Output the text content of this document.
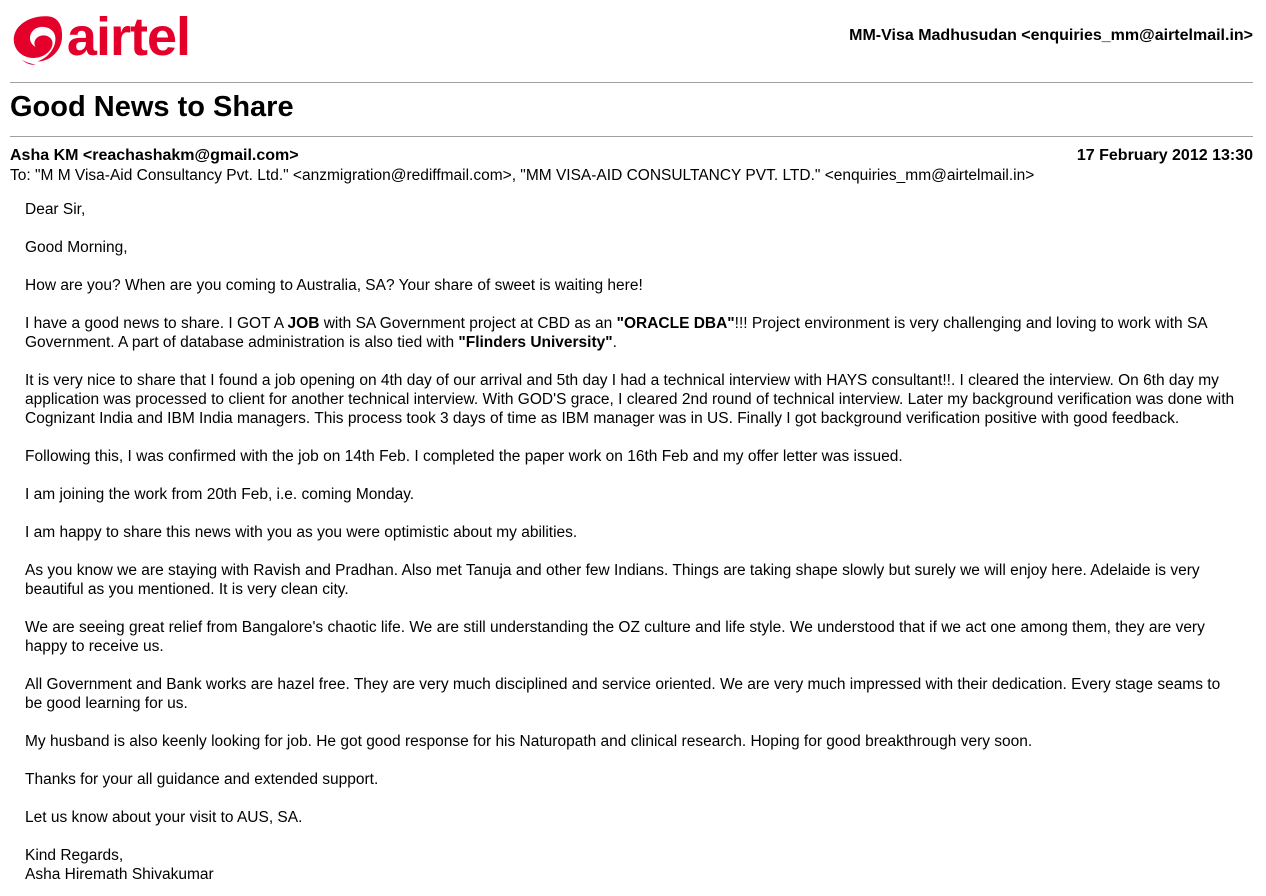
airtel	MM-Visa Madhusudan <enquiries_mm@airtelmail.in>
Good News to Share
Asha KM <reachashakm@gmail.com>	17 February 2012 13:30
To: "M M Visa-Aid Consultancy Pvt. Ltd." <anzmigration@rediffmail.com>, "MM VISA-AID CONSULTANCY PVT. LTD." <enquiries_mm@airtelmail.in>

Dear Sir,

Good Morning,

How are you? When are you coming to Australia, SA? Your share of sweet is waiting here!

I have a good news to share. I GOT A JOB with SA Government project at CBD as an "ORACLE DBA"!!! Project environment is very challenging and loving to work with SA Government. A part of database administration is also tied with "Flinders University".

It is very nice to share that I found a job opening on 4th day of our arrival and 5th day I had a technical interview with HAYS consultant!!. I cleared the interview. On 6th day my application was processed to client for another technical interview. With GOD'S grace, I cleared 2nd round of technical interview. Later my background verification was done with Cognizant India and IBM India managers. This process took 3 days of time as IBM manager was in US. Finally I got background verification positive with good feedback.

Following this, I was confirmed with the job on 14th Feb. I completed the paper work on 16th Feb and my offer letter was issued.

I am joining the work from 20th Feb, i.e. coming Monday.

I am happy to share this news with you as you were optimistic about my abilities.

As you know we are staying with Ravish and Pradhan. Also met Tanuja and other few Indians. Things are taking shape slowly but surely we will enjoy here. Adelaide is very beautiful as you mentioned. It is very clean city.

We are seeing great relief from Bangalore's chaotic life. We are still understanding the OZ culture and life style. We understood that if we act one among them, they are very happy to receive us.

All Government and Bank works are hazel free. They are very much disciplined and service oriented. We are very much impressed with their dedication. Every stage seams to be good learning for us.

My husband is also keenly looking for job. He got good response for his Naturopath and clinical research. Hoping for good breakthrough very soon.

Thanks for your all guidance and extended support.

Let us know about your visit to AUS, SA.

Kind Regards,
Asha Hiremath Shivakumar
